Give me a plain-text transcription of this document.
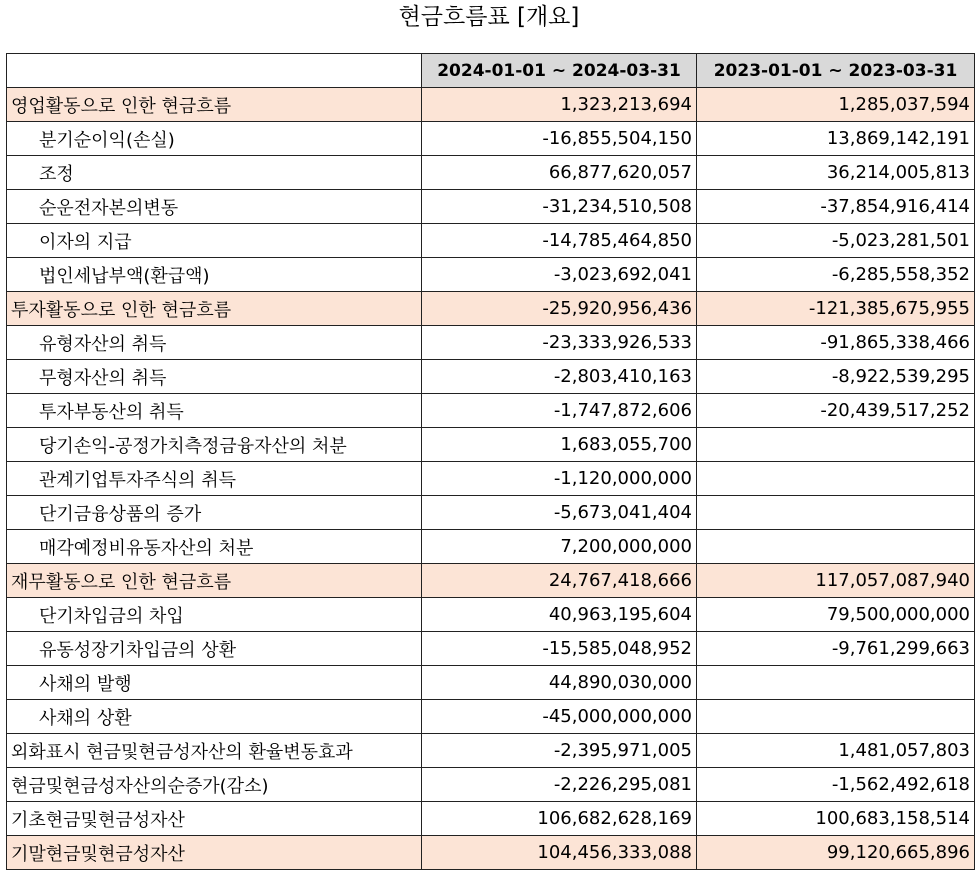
현금흐름표 [개요]
	2024-01-01 ~ 2024-03-31	2023-01-01 ~ 2023-03-31
영업활동으로 인한 현금흐름	1,323,213,694	1,285,037,594
분기순이익(손실)	-16,855,504,150	13,869,142,191
조정	66,877,620,057	36,214,005,813
순운전자본의변동	-31,234,510,508	-37,854,916,414
이자의 지급	-14,785,464,850	-5,023,281,501
법인세납부액(환급액)	-3,023,692,041	-6,285,558,352
투자활동으로 인한 현금흐름	-25,920,956,436	-121,385,675,955
유형자산의 취득	-23,333,926,533	-91,865,338,466
무형자산의 취득	-2,803,410,163	-8,922,539,295
투자부동산의 취득	-1,747,872,606	-20,439,517,252
당기손익-공정가치측정금융자산의 처분	1,683,055,700	
관계기업투자주식의 취득	-1,120,000,000	
단기금융상품의 증가	-5,673,041,404	
매각예정비유동자산의 처분	7,200,000,000	
재무활동으로 인한 현금흐름	24,767,418,666	117,057,087,940
단기차입금의 차입	40,963,195,604	79,500,000,000
유동성장기차입금의 상환	-15,585,048,952	-9,761,299,663
사채의 발행	44,890,030,000	
사채의 상환	-45,000,000,000	
외화표시 현금및현금성자산의 환율변동효과	-2,395,971,005	1,481,057,803
현금및현금성자산의순증가(감소)	-2,226,295,081	-1,562,492,618
기초현금및현금성자산	106,682,628,169	100,683,158,514
기말현금및현금성자산	104,456,333,088	99,120,665,896
